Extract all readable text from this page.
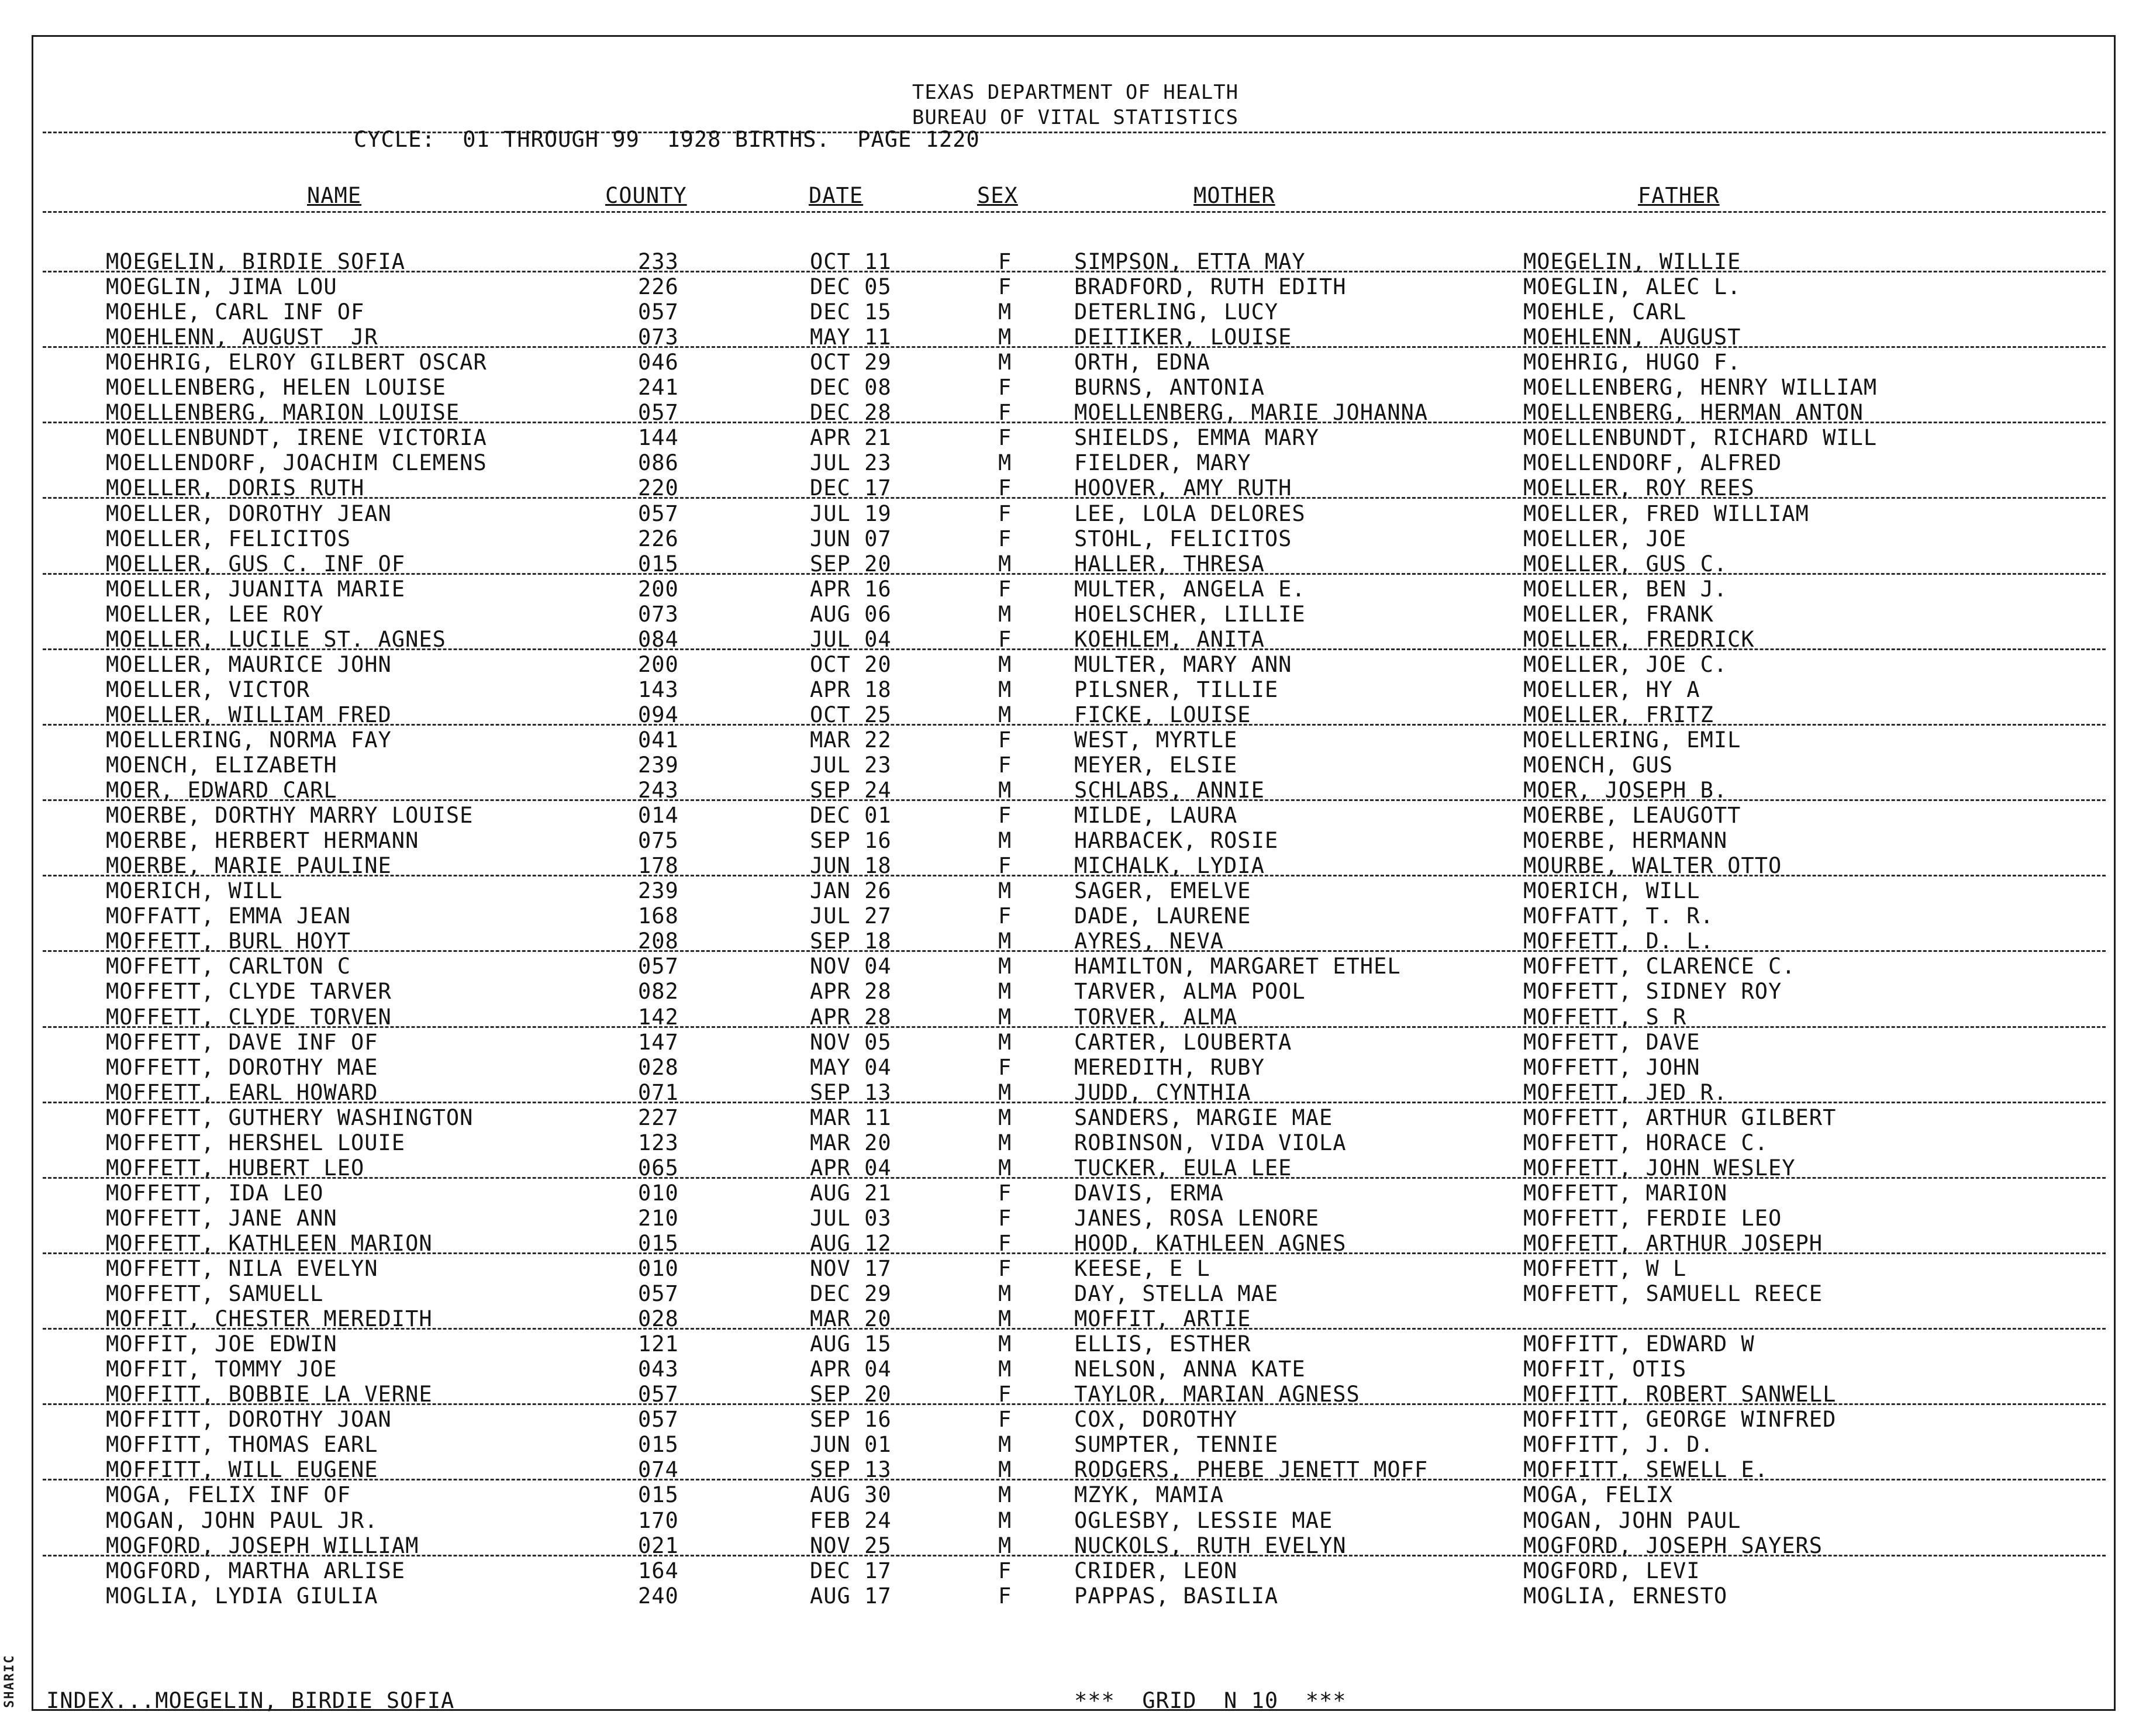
TEXAS DEPARTMENT OF HEALTH
BUREAU OF VITAL STATISTICS
CYCLE:  01 THROUGH 99  1928 BIRTHS.  PAGE 1220
NAME	COUNTY	DATE	SEX	MOTHER	FATHER
MOEGELIN, BIRDIE SOFIA	233	OCT 11	F	SIMPSON, ETTA MAY	MOEGELIN, WILLIE
MOEGLIN, JIMA LOU	226	DEC 05	F	BRADFORD, RUTH EDITH	MOEGLIN, ALEC L.
MOEHLE, CARL INF OF	057	DEC 15	M	DETERLING, LUCY	MOEHLE, CARL
MOEHLENN, AUGUST  JR	073	MAY 11	M	DEITIKER, LOUISE	MOEHLENN, AUGUST
MOEHRIG, ELROY GILBERT OSCAR	046	OCT 29	M	ORTH, EDNA	MOEHRIG, HUGO F.
MOELLENBERG, HELEN LOUISE	241	DEC 08	F	BURNS, ANTONIA	MOELLENBERG, HENRY WILLIAM
MOELLENBERG, MARION LOUISE	057	DEC 28	F	MOELLENBERG, MARIE JOHANNA	MOELLENBERG, HERMAN ANTON
MOELLENBUNDT, IRENE VICTORIA	144	APR 21	F	SHIELDS, EMMA MARY	MOELLENBUNDT, RICHARD WILL
MOELLENDORF, JOACHIM CLEMENS	086	JUL 23	M	FIELDER, MARY	MOELLENDORF, ALFRED
MOELLER, DORIS RUTH	220	DEC 17	F	HOOVER, AMY RUTH	MOELLER, ROY REES
MOELLER, DOROTHY JEAN	057	JUL 19	F	LEE, LOLA DELORES	MOELLER, FRED WILLIAM
MOELLER, FELICITOS	226	JUN 07	F	STOHL, FELICITOS	MOELLER, JOE
MOELLER, GUS C. INF OF	015	SEP 20	M	HALLER, THRESA	MOELLER, GUS C.
MOELLER, JUANITA MARIE	200	APR 16	F	MULTER, ANGELA E.	MOELLER, BEN J.
MOELLER, LEE ROY	073	AUG 06	M	HOELSCHER, LILLIE	MOELLER, FRANK
MOELLER, LUCILE ST. AGNES	084	JUL 04	F	KOEHLEM, ANITA	MOELLER, FREDRICK
MOELLER, MAURICE JOHN	200	OCT 20	M	MULTER, MARY ANN	MOELLER, JOE C.
MOELLER, VICTOR	143	APR 18	M	PILSNER, TILLIE	MOELLER, HY A
MOELLER, WILLIAM FRED	094	OCT 25	M	FICKE, LOUISE	MOELLER, FRITZ
MOELLERING, NORMA FAY	041	MAR 22	F	WEST, MYRTLE	MOELLERING, EMIL
MOENCH, ELIZABETH	239	JUL 23	F	MEYER, ELSIE	MOENCH, GUS
MOER, EDWARD CARL	243	SEP 24	M	SCHLABS, ANNIE	MOER, JOSEPH B.
MOERBE, DORTHY MARRY LOUISE	014	DEC 01	F	MILDE, LAURA	MOERBE, LEAUGOTT
MOERBE, HERBERT HERMANN	075	SEP 16	M	HARBACEK, ROSIE	MOERBE, HERMANN
MOERBE, MARIE PAULINE	178	JUN 18	F	MICHALK, LYDIA	MOURBE, WALTER OTTO
MOERICH, WILL	239	JAN 26	M	SAGER, EMELVE	MOERICH, WILL
MOFFATT, EMMA JEAN	168	JUL 27	F	DADE, LAURENE	MOFFATT, T. R.
MOFFETT, BURL HOYT	208	SEP 18	M	AYRES, NEVA	MOFFETT, D. L.
MOFFETT, CARLTON C	057	NOV 04	M	HAMILTON, MARGARET ETHEL	MOFFETT, CLARENCE C.
MOFFETT, CLYDE TARVER	082	APR 28	M	TARVER, ALMA POOL	MOFFETT, SIDNEY ROY
MOFFETT, CLYDE TORVEN	142	APR 28	M	TORVER, ALMA	MOFFETT, S R
MOFFETT, DAVE INF OF	147	NOV 05	M	CARTER, LOUBERTA	MOFFETT, DAVE
MOFFETT, DOROTHY MAE	028	MAY 04	F	MEREDITH, RUBY	MOFFETT, JOHN
MOFFETT, EARL HOWARD	071	SEP 13	M	JUDD, CYNTHIA	MOFFETT, JED R.
MOFFETT, GUTHERY WASHINGTON	227	MAR 11	M	SANDERS, MARGIE MAE	MOFFETT, ARTHUR GILBERT
MOFFETT, HERSHEL LOUIE	123	MAR 20	M	ROBINSON, VIDA VIOLA	MOFFETT, HORACE C.
MOFFETT, HUBERT LEO	065	APR 04	M	TUCKER, EULA LEE	MOFFETT, JOHN WESLEY
MOFFETT, IDA LEO	010	AUG 21	F	DAVIS, ERMA	MOFFETT, MARION
MOFFETT, JANE ANN	210	JUL 03	F	JANES, ROSA LENORE	MOFFETT, FERDIE LEO
MOFFETT, KATHLEEN MARION	015	AUG 12	F	HOOD, KATHLEEN AGNES	MOFFETT, ARTHUR JOSEPH
MOFFETT, NILA EVELYN	010	NOV 17	F	KEESE, E L	MOFFETT, W L
MOFFETT, SAMUELL	057	DEC 29	M	DAY, STELLA MAE	MOFFETT, SAMUELL REECE
MOFFIT, CHESTER MEREDITH	028	MAR 20	M	MOFFIT, ARTIE
MOFFIT, JOE EDWIN	121	AUG 15	M	ELLIS, ESTHER	MOFFITT, EDWARD W
MOFFIT, TOMMY JOE	043	APR 04	M	NELSON, ANNA KATE	MOFFIT, OTIS
MOFFITT, BOBBIE LA VERNE	057	SEP 20	F	TAYLOR, MARIAN AGNESS	MOFFITT, ROBERT SANWELL
MOFFITT, DOROTHY JOAN	057	SEP 16	F	COX, DOROTHY	MOFFITT, GEORGE WINFRED
MOFFITT, THOMAS EARL	015	JUN 01	M	SUMPTER, TENNIE	MOFFITT, J. D.
MOFFITT, WILL EUGENE	074	SEP 13	M	RODGERS, PHEBE JENETT MOFF	MOFFITT, SEWELL E.
MOGA, FELIX INF OF	015	AUG 30	M	MZYK, MAMIA	MOGA, FELIX
MOGAN, JOHN PAUL JR.	170	FEB 24	M	OGLESBY, LESSIE MAE	MOGAN, JOHN PAUL
MOGFORD, JOSEPH WILLIAM	021	NOV 25	M	NUCKOLS, RUTH EVELYN	MOGFORD, JOSEPH SAYERS
MOGFORD, MARTHA ARLISE	164	DEC 17	F	CRIDER, LEON	MOGFORD, LEVI
MOGLIA, LYDIA GIULIA	240	AUG 17	F	PAPPAS, BASILIA	MOGLIA, ERNESTO
INDEX...MOEGELIN, BIRDIE SOFIA	***  GRID  N 10  ***
SHARIC
